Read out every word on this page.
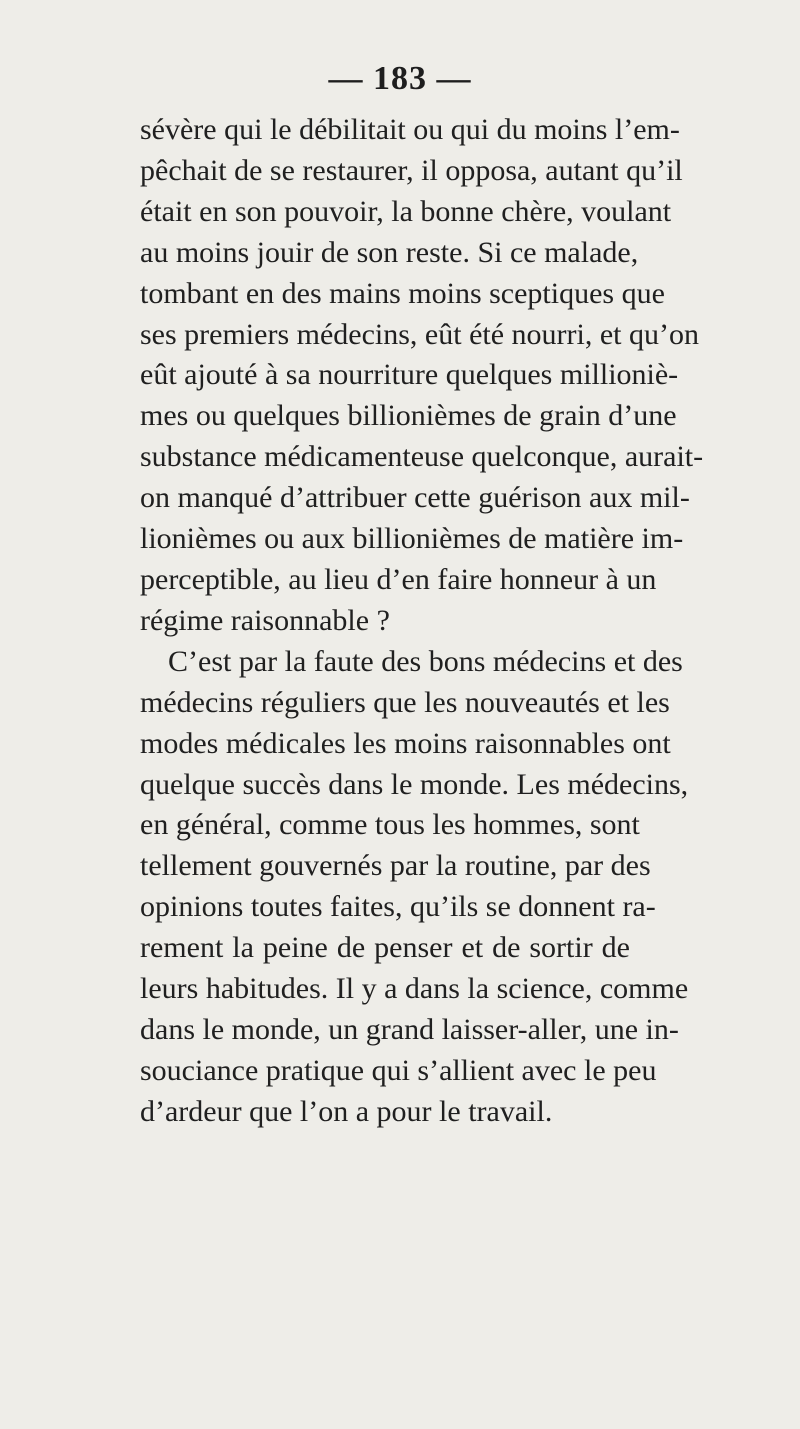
— 183 —
sévère qui le débilitait ou qui du moins l’em-
pêchait de se restaurer, il opposa, autant qu’il
était en son pouvoir, la bonne chère, voulant
au moins jouir de son reste. Si ce malade,
tombant en des mains moins sceptiques que
ses premiers médecins, eût été nourri, et qu’on
eût ajouté à sa nourriture quelques millioniè-
mes ou quelques billionièmes de grain d’une
substance médicamenteuse quelconque, aurait-
on manqué d’attribuer cette guérison aux mil-
lionièmes ou aux billionièmes de matière im-
perceptible, au lieu d’en faire honneur à un
régime raisonnable ?
C’est par la faute des bons médecins et des
médecins réguliers que les nouveautés et les
modes médicales les moins raisonnables ont
quelque succès dans le monde. Les médecins,
en général, comme tous les hommes, sont
tellement gouvernés par la routine, par des
opinions toutes faites, qu’ils se donnent ra-
rement la peine de penser et de sortir de
leurs habitudes. Il y a dans la science, comme
dans le monde, un grand laisser-aller, une in-
souciance pratique qui s’allient avec le peu
d’ardeur que l’on a pour le travail.
